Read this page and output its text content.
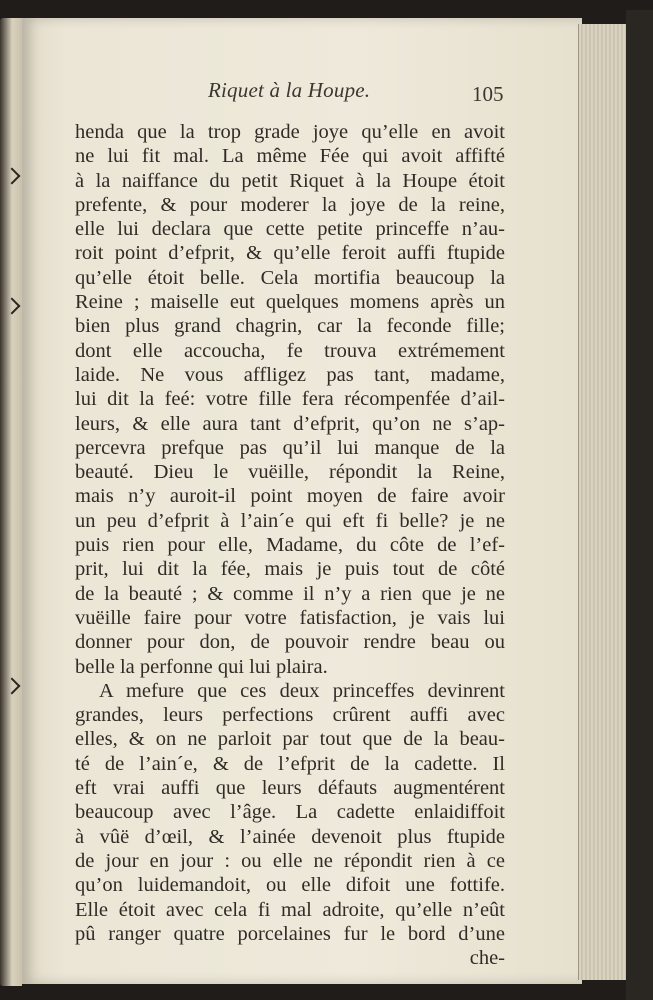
Riquet à la Houpe.	105
henda que la trop grade joye qu’elle en avoit
ne lui fit mal. La même Fée qui avoit affifté
à la naiffance du petit Riquet à la Houpe étoit
prefente, & pour moderer la joye de la reine,
elle lui declara que cette petite princeffe n’au-
roit point d’efprit, & qu’elle feroit auffi ftupide
qu’elle étoit belle. Cela mortifia beaucoup la
Reine ; maiselle eut quelques momens après un
bien plus grand chagrin, car la feconde fille;
dont elle accoucha, fe trouva extrémement
laide. Ne vous affligez pas tant, madame,
lui dit la feé: votre fille fera récompenfée d’ail-
leurs, & elle aura tant d’efprit, qu’on ne s’ap-
percevra prefque pas qu’il lui manque de la
beauté. Dieu le vuëille, répondit la Reine,
mais n’y auroit-il point moyen de faire avoir
un peu d’efprit à l’ain´e qui eft fi belle? je ne
puis rien pour elle, Madame, du côte de l’ef-
prit, lui dit la fée, mais je puis tout de côté
de la beauté ; & comme il n’y a rien que je ne
vuëille faire pour votre fatisfaction, je vais lui
donner pour don, de pouvoir rendre beau ou
belle la perfonne qui lui plaira.
A mefure que ces deux princeffes devinrent
grandes, leurs perfections crûrent auffi avec
elles, & on ne parloit par tout que de la beau-
té de l’ain´e, & de l’efprit de la cadette. Il
eft vrai auffi que leurs défauts augmentérent
beaucoup avec l’âge. La cadette enlaidiffoit
à vûë d’œil, & l’ainée devenoit plus ftupide
de jour en jour : ou elle ne répondit rien à ce
qu’on luidemandoit, ou elle difoit une fottife.
Elle étoit avec cela fi mal adroite, qu’elle n’eût
pû ranger quatre porcelaines fur le bord d’une
che-
